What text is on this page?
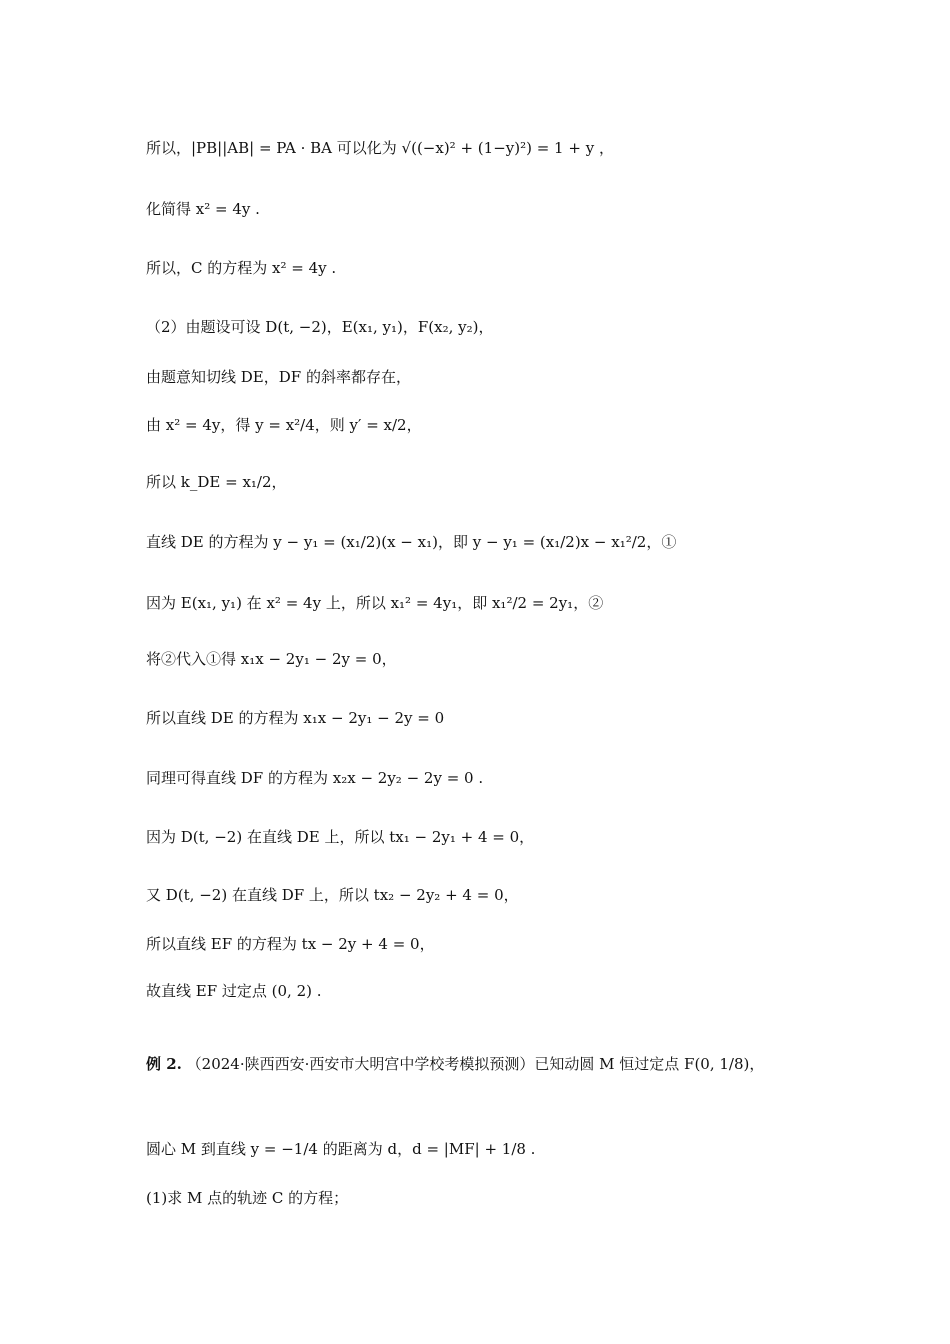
所以，|PB||AB| = PA · BA 可以化为 √((−x)² + (1−y)²) = 1 + y ，
化简得 x² = 4y .
所以，C 的方程为 x² = 4y .
（2）由题设可设 D(t, −2)，E(x₁, y₁)，F(x₂, y₂)，
由题意知切线 DE，DF 的斜率都存在，
由 x² = 4y，得 y = x²/4，则 y′ = x/2，
所以 k_DE = x₁/2，
直线 DE 的方程为 y − y₁ = (x₁/2)(x − x₁)，即 y − y₁ = (x₁/2)x − x₁²/2，①
因为 E(x₁, y₁) 在 x² = 4y 上，所以 x₁² = 4y₁，即 x₁²/2 = 2y₁，②
将②代入①得 x₁x − 2y₁ − 2y = 0，
所以直线 DE 的方程为 x₁x − 2y₁ − 2y = 0
同理可得直线 DF 的方程为 x₂x − 2y₂ − 2y = 0 .
因为 D(t, −2) 在直线 DE 上，所以 tx₁ − 2y₁ + 4 = 0，
又 D(t, −2) 在直线 DF 上，所以 tx₂ − 2y₂ + 4 = 0，
所以直线 EF 的方程为 tx − 2y + 4 = 0，
故直线 EF 过定点 (0, 2) .
例 2. （2024·陕西西安·西安市大明宫中学校考模拟预测）已知动圆 M 恒过定点 F(0, 1/8)，
圆心 M 到直线 y = −1/4 的距离为 d，d = |MF| + 1/8 .
(1)求 M 点的轨迹 C 的方程；
